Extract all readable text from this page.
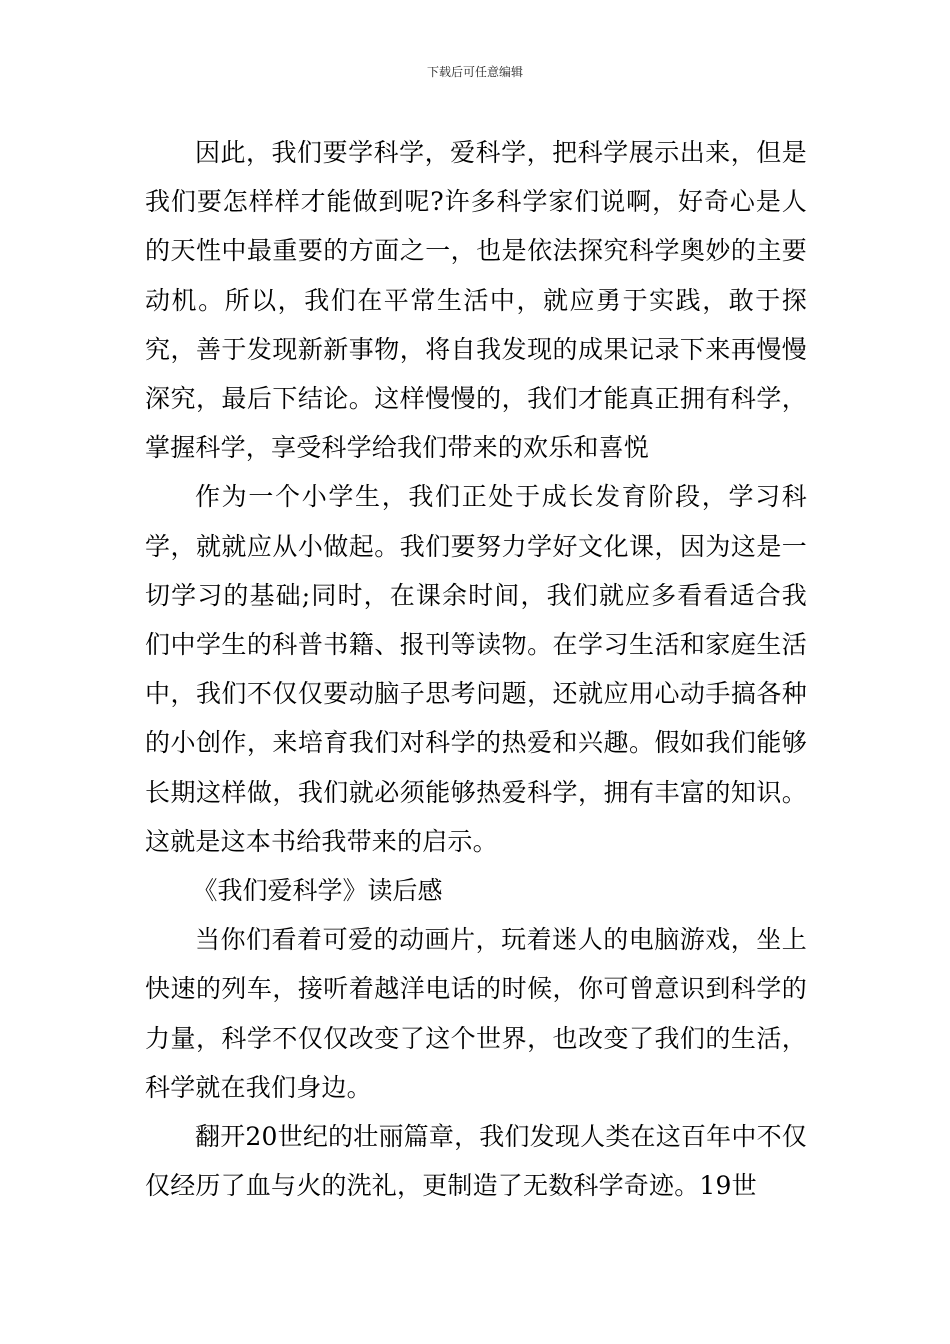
下载后可任意编辑

因此，我们要学科学，爱科学，把科学展示出来，但是我们要怎样样才能做到呢?许多科学家们说啊，好奇心是人的天性中最重要的方面之一，也是依法探究科学奥妙的主要动机。所以，我们在平常生活中，就应勇于实践，敢于探究，善于发现新新事物，将自我发现的成果记录下来再慢慢深究，最后下结论。这样慢慢的，我们才能真正拥有科学，掌握科学，享受科学给我们带来的欢乐和喜悦

作为一个小学生，我们正处于成长发育阶段，学习科学，就就应从小做起。我们要努力学好文化课，因为这是一切学习的基础;同时，在课余时间，我们就应多看看适合我们中学生的科普书籍、报刊等读物。在学习生活和家庭生活中，我们不仅仅要动脑子思考问题，还就应用心动手搞各种的小创作，来培育我们对科学的热爱和兴趣。假如我们能够长期这样做，我们就必须能够热爱科学，拥有丰富的知识。这就是这本书给我带来的启示。

《我们爱科学》读后感

当你们看着可爱的动画片，玩着迷人的电脑游戏，坐上快速的列车，接听着越洋电话的时候，你可曾意识到科学的力量，科学不仅仅改变了这个世界，也改变了我们的生活，科学就在我们身边。

翻开20世纪的壮丽篇章，我们发现人类在这百年中不仅仅经历了血与火的洗礼，更制造了无数科学奇迹。19世
